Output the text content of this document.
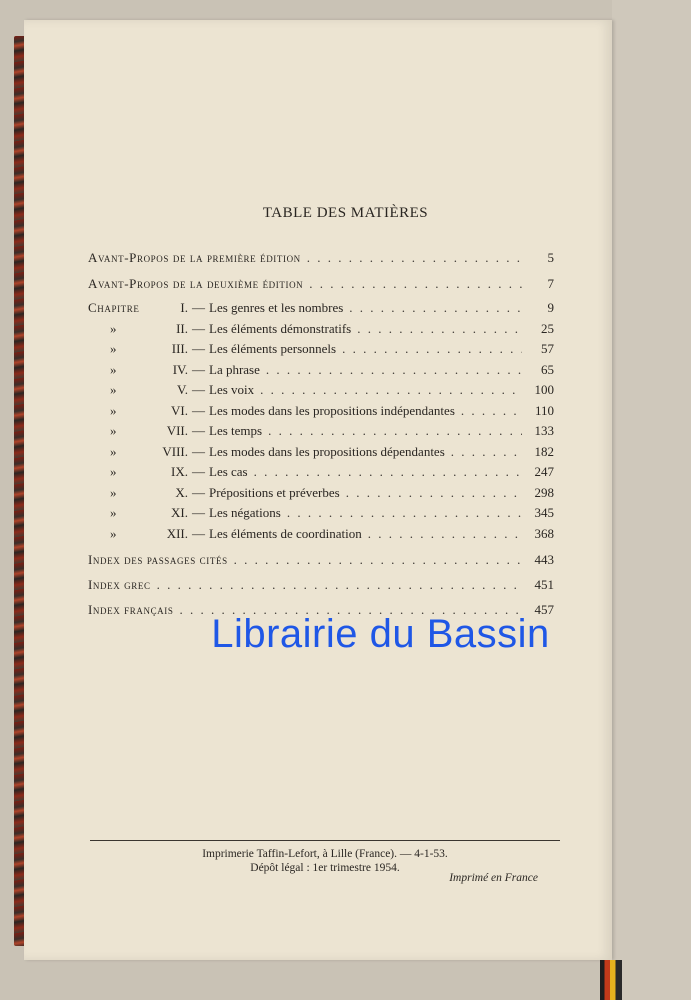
TABLE DES MATIÈRES
Avant-Propos de la première édition . . .	5
Avant-Propos de la deuxième édition . . .	7
Chapitre	I. — Les genres et les nombres . . .	9
»	II. — Les éléments démonstratifs . . .	25
»	III. — Les éléments personnels . . .	57
»	IV. — La phrase . . .	65
»	V. — Les voix . . .	100
»	VI. — Les modes dans les propositions indépendantes . . .	110
»	VII. — Les temps . . .	133
»	VIII. — Les modes dans les propositions dépendantes . . .	182
»	IX. — Les cas . . .	247
»	X. — Prépositions et préverbes . . .	298
»	XI. — Les négations . . .	345
»	XII. — Les éléments de coordination . . .	368
Index des passages cités . . .	443
Index grec . . .	451
Index français . . .	457
Librairie du Bassin
Imprimerie Taffin-Lefort, à Lille (France). — 4-1-53.
Dépôt légal : 1er trimestre 1954.
Imprimé en France
